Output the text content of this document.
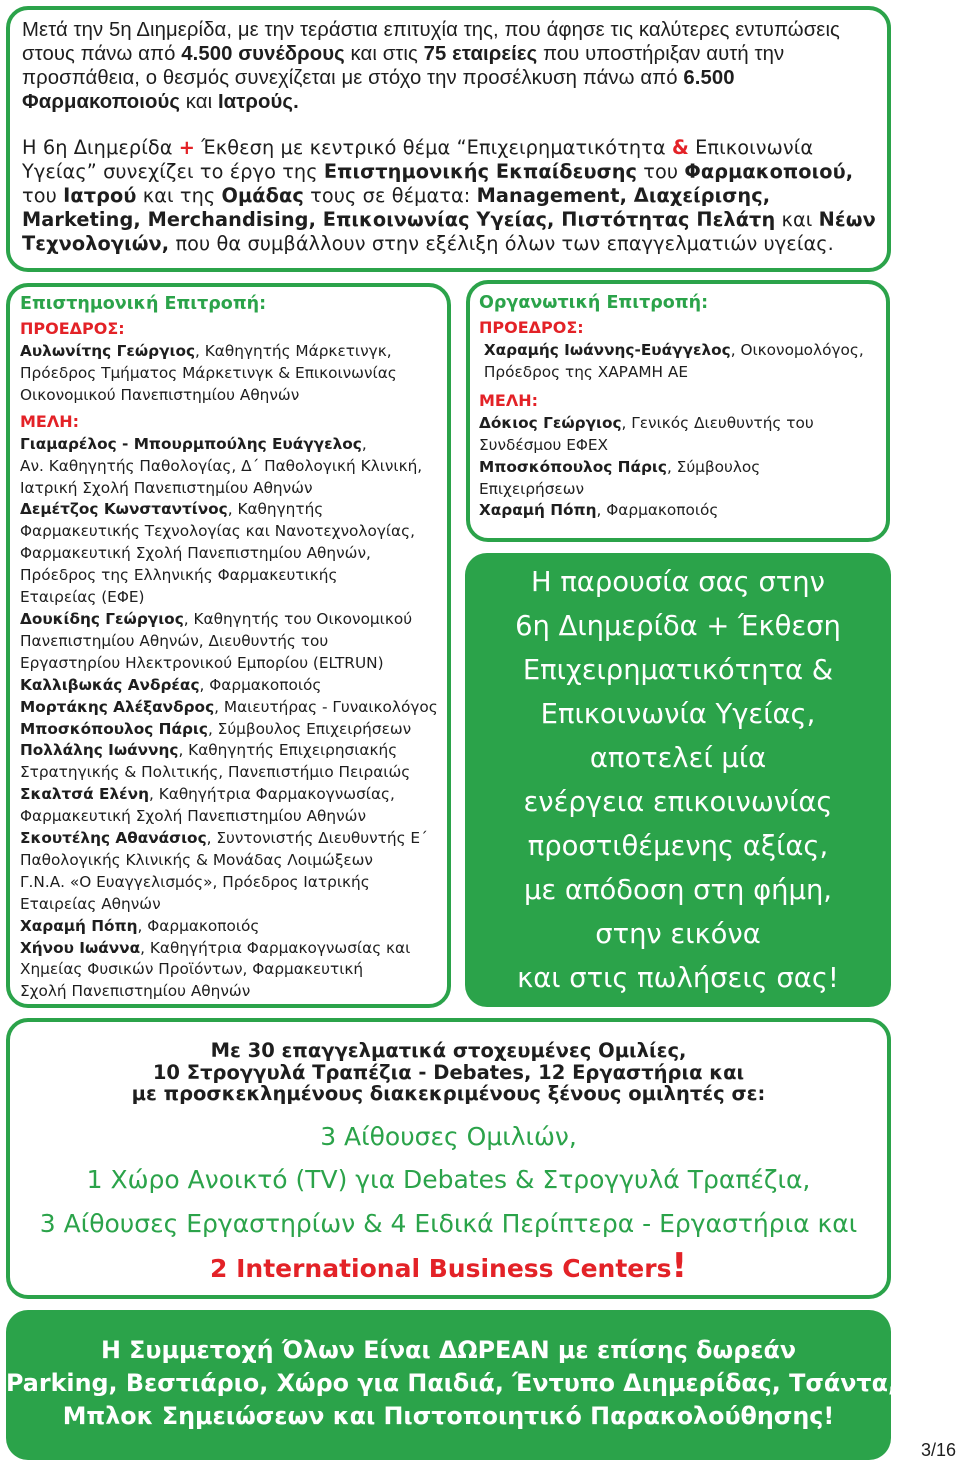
Μετά την 5η Διημερίδα, με την τεράστια επιτυχία της, που άφησε τις καλύτερες εντυπώσεις στους πάνω από 4.500 συνέδρους και στις 75 εταιρείες που υποστήριξαν αυτή την προσπάθεια, ο θεσμός συνεχίζεται με στόχο την προσέλκυση πάνω από 6.500 Φαρμακοποιούς και Ιατρούς.

Η 6η Διημερίδα + Έκθεση με κεντρικό θέμα “Επιχειρηματικότητα & Επικοινωνία Υγείας” συνεχίζει το έργο της Επιστημονικής Εκπαίδευσης του Φαρμακοποιού, του Ιατρού και της Ομάδας τους σε θέματα: Management, Διαχείρισης, Marketing, Merchandising, Επικοινωνίας Υγείας, Πιστότητας Πελάτη και Νέων Τεχνολογιών, που θα συμβάλλουν στην εξέλιξη όλων των επαγγελματιών υγείας.

Επιστημονική Επιτροπή:
ΠΡΟΕΔΡΟΣ:
Αυλωνίτης Γεώργιος, Καθηγητής Μάρκετινγκ,
Πρόεδρος Τμήματος Μάρκετινγκ & Επικοινωνίας
Οικονομικού Πανεπιστημίου Αθηνών
ΜΕΛΗ:
Γιαμαρέλος - Μπουρμπούλης Ευάγγελος,
Αν. Καθηγητής Παθολογίας, Δ΄ Παθολογική Κλινική,
Ιατρική Σχολή Πανεπιστημίου Αθηνών
Δεμέτζος Κωνσταντίνος, Καθηγητής
Φαρμακευτικής Τεχνολογίας και Νανοτεχνολογίας,
Φαρμακευτική Σχολή Πανεπιστημίου Αθηνών,
Πρόεδρος της Ελληνικής Φαρμακευτικής
Εταιρείας (ΕΦΕ)
Δουκίδης Γεώργιος, Καθηγητής του Οικονομικού
Πανεπιστημίου Αθηνών, Διευθυντής του
Εργαστηρίου Ηλεκτρονικού Εμπορίου (ELTRUN)
Καλλιβωκάς Ανδρέας, Φαρμακοποιός
Μορτάκης Αλέξανδρος, Μαιευτήρας - Γυναικολόγος
Μποσκόπουλος Πάρις, Σύμβουλος Επιχειρήσεων
Πολλάλης Ιωάννης, Καθηγητής Επιχειρησιακής
Στρατηγικής & Πολιτικής, Πανεπιστήμιο Πειραιώς
Σκαλτσά Ελένη, Καθηγήτρια Φαρμακογνωσίας,
Φαρμακευτική Σχολή Πανεπιστημίου Αθηνών
Σκουτέλης Αθανάσιος, Συντονιστής Διευθυντής Ε΄
Παθολογικής Κλινικής & Μονάδας Λοιμώξεων
Γ.Ν.Α. «Ο Ευαγγελισμός», Πρόεδρος Ιατρικής
Εταιρείας Αθηνών
Χαραμή Πόπη, Φαρμακοποιός
Χήνου Ιωάννα, Καθηγήτρια Φαρμακογνωσίας και
Χημείας Φυσικών Προϊόντων, Φαρμακευτική
Σχολή Πανεπιστημίου Αθηνών
Οργανωτική Επιτροπή:
ΠΡΟΕΔΡΟΣ:
Χαραμής Ιωάννης-Ευάγγελος, Οικονομολόγος,
Πρόεδρος της ΧΑΡΑΜΗ ΑΕ
ΜΕΛΗ:
Δόκιος Γεώργιος, Γενικός Διευθυντής του
Συνδέσμου ΕΦΕΧ
Μποσκόπουλος Πάρις, Σύμβουλος
Επιχειρήσεων
Χαραμή Πόπη, Φαρμακοποιός
Η παρουσία σας στην
6η Διημερίδα + Έκθεση
Επιχειρηματικότητα &
Επικοινωνία Υγείας,
αποτελεί μία
ενέργεια επικοινωνίας
προστιθέμενης αξίας,
με απόδοση στη φήμη,
στην εικόνα
και στις πωλήσεις σας!
Με 30 επαγγελματικά στοχευμένες Ομιλίες,
10 Στρογγυλά Τραπέζια - Debates, 12 Εργαστήρια και
με προσκεκλημένους διακεκριμένους ξένους ομιλητές σε:
3 Αίθουσες Ομιλιών,
1 Χώρο Ανοικτό (TV) για Debates & Στρογγυλά Τραπέζια,
3 Αίθουσες Εργαστηρίων & 4 Ειδικά Περίπτερα - Εργαστήρια και
2 International Business Centers!
Η Συμμετοχή Όλων Είναι ΔΩΡΕΑΝ με επίσης δωρεάν
Parking, Βεστιάριο, Χώρο για Παιδιά, Έντυπο Διημερίδας, Τσάντα,
Μπλοκ Σημειώσεων και Πιστοποιητικό Παρακολούθησης!
3/16
